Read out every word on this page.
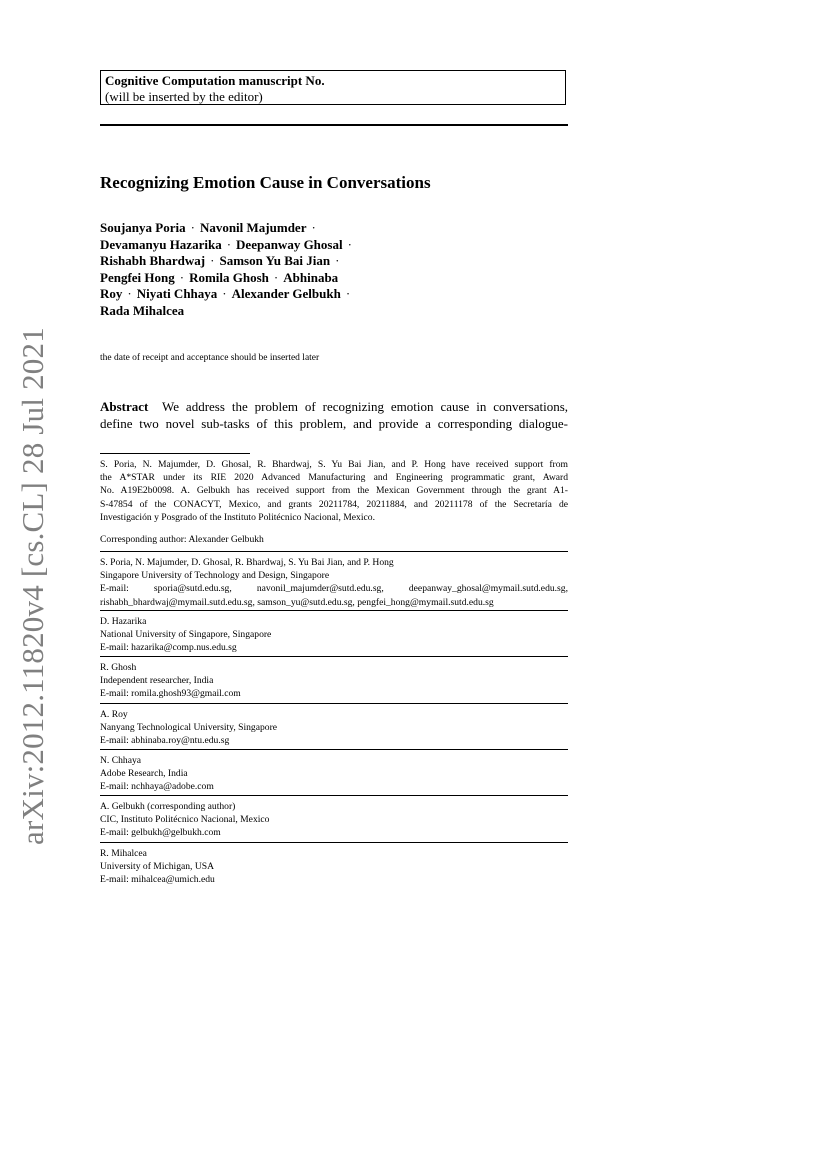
Cognitive Computation manuscript No.
(will be inserted by the editor)
Recognizing Emotion Cause in Conversations
Soujanya Poria · Navonil Majumder ·
Devamanyu Hazarika · Deepanway Ghosal ·
Rishabh Bhardwaj · Samson Yu Bai Jian ·
Pengfei Hong · Romila Ghosh · Abhinaba
Roy · Niyati Chhaya · Alexander Gelbukh ·
Rada Mihalcea
the date of receipt and acceptance should be inserted later
Abstract We address the problem of recognizing emotion cause in conversations,
define two novel sub-tasks of this problem, and provide a corresponding dialogue-
S. Poria, N. Majumder, D. Ghosal, R. Bhardwaj, S. Yu Bai Jian, and P. Hong have received support from
the A*STAR under its RIE 2020 Advanced Manufacturing and Engineering programmatic grant, Award
No. A19E2b0098. A. Gelbukh has received support from the Mexican Government through the grant A1-
S-47854 of the CONACYT, Mexico, and grants 20211784, 20211884, and 20211178 of the Secretaría de
Investigación y Posgrado of the Instituto Politécnico Nacional, Mexico.
Corresponding author: Alexander Gelbukh
S. Poria, N. Majumder, D. Ghosal, R. Bhardwaj, S. Yu Bai Jian, and P. Hong
Singapore University of Technology and Design, Singapore
E-mail: sporia@sutd.edu.sg, navonil_majumder@sutd.edu.sg, deepanway_ghosal@mymail.sutd.edu.sg,
rishabh_bhardwaj@mymail.sutd.edu.sg, samson_yu@sutd.edu.sg, pengfei_hong@mymail.sutd.edu.sg
D. Hazarika
National University of Singapore, Singapore
E-mail: hazarika@comp.nus.edu.sg
R. Ghosh
Independent researcher, India
E-mail: romila.ghosh93@gmail.com
A. Roy
Nanyang Technological University, Singapore
E-mail: abhinaba.roy@ntu.edu.sg
N. Chhaya
Adobe Research, India
E-mail: nchhaya@adobe.com
A. Gelbukh (corresponding author)
CIC, Instituto Politécnico Nacional, Mexico
E-mail: gelbukh@gelbukh.com
R. Mihalcea
University of Michigan, USA
E-mail: mihalcea@umich.edu
arXiv:2012.11820v4 [cs.CL] 28 Jul 2021
